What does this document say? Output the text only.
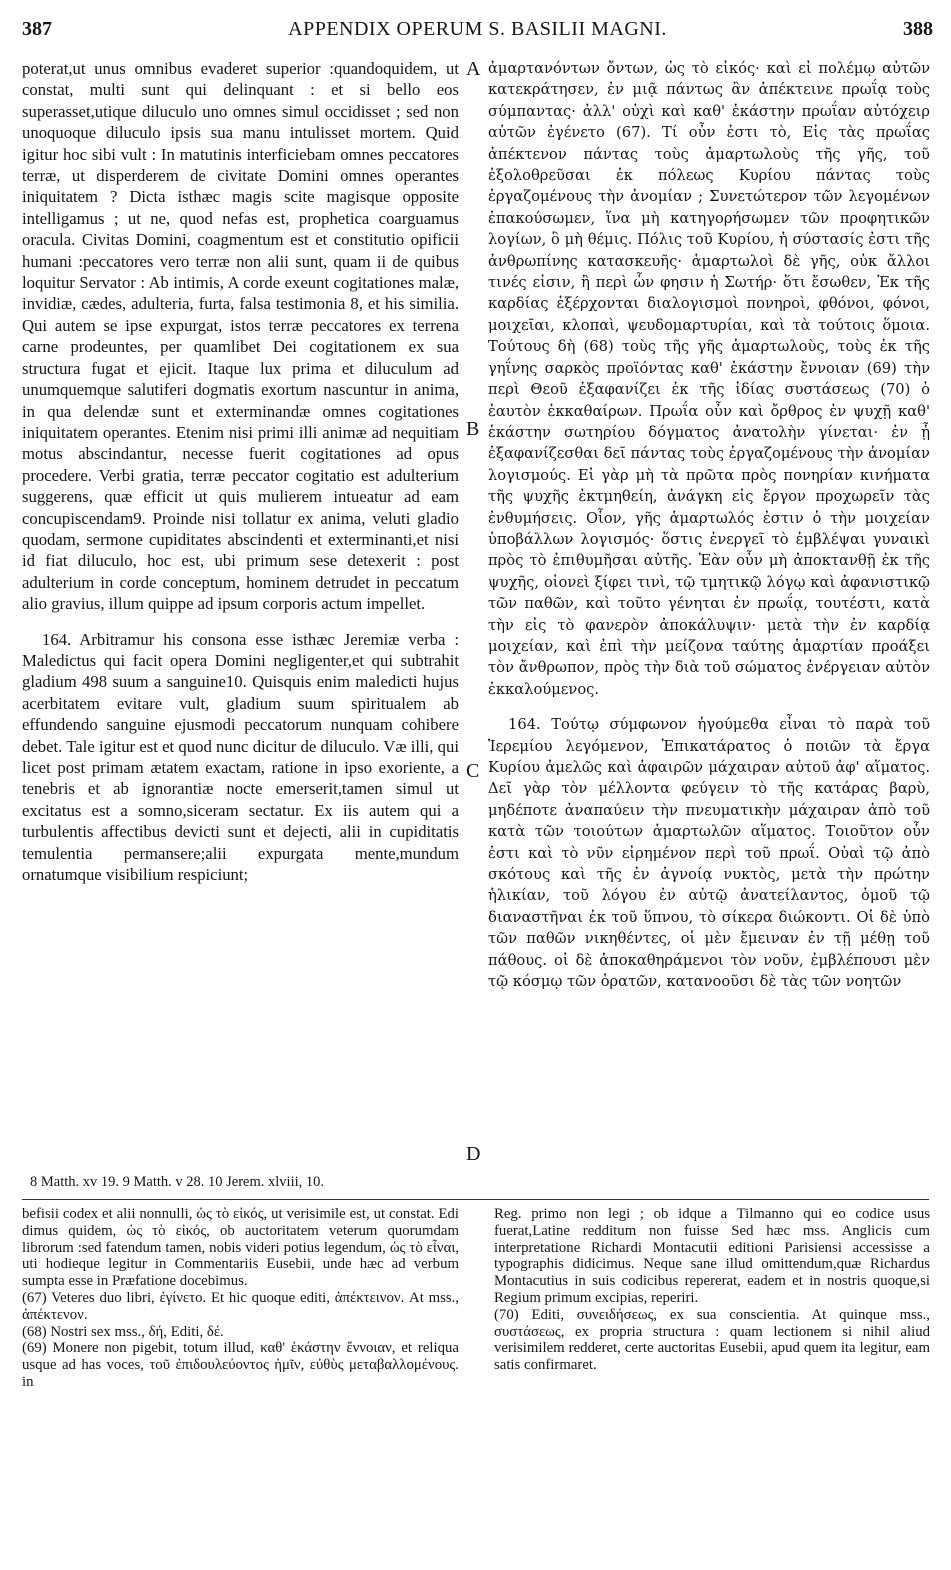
387	APPENDIX OPERUM S. BASILII MAGNI.	388

poterat,ut unus omnibus evaderet superior :quandoquidem, ut constat, multi sunt qui delinquant : et si bello eos superasset,utique diluculo uno omnes simul occidisset ; sed non unoquoque diluculo ipsis sua manu intulisset mortem. Quid igitur hoc sibi vult : In matutinis interficiebam omnes peccatores terræ, ut disperderem de civitate Domini omnes operantes iniquitatem ? Dicta isthæc magis scite magisque opposite intelligamus ; ut ne, quod nefas est, prophetica coarguamus oracula. Civitas Domini, coagmentum est et constitutio opificii humani :peccatores vero terræ non alii sunt, quam ii de quibus loquitur Servator : Ab intimis, A corde exeunt cogitationes malæ, invidiæ, cædes, adulteria, furta, falsa testimonia 8, et his similia. Qui autem se ipse expurgat, istos terræ peccatores ex terrena carne prodeuntes, per quamlibet Dei cogitationem ex sua structura fugat et ejicit. Itaque lux prima et diluculum ad unumquemque salutiferi dogmatis exortum nascuntur in anima, in qua delendæ sunt et exterminandæ omnes cogitationes iniquitatem operantes. Etenim nisi primi illi animæ ad nequitiam motus abscindantur, necesse fuerit cogitationes ad opus procedere. Verbi gratia, terræ peccator cogitatio est adulterium suggerens, quæ efficit ut quis mulierem intueatur ad eam concupiscendam9. Proinde nisi tollatur ex anima, veluti gladio quodam, sermone cupiditates abscindenti et exterminanti,et nisi id fiat diluculo, hoc est, ubi primum sese detexerit : post adulterium in corde conceptum, hominem detrudet in peccatum alio gravius, illum quippe ad ipsum corporis actum impellet.

164. Arbitramur his consona esse isthæc Jeremiæ verba : Maledictus qui facit opera Domini negligenter,et qui subtrahit gladium 498 suum a sanguine10. Quisquis enim maledicti hujus acerbitatem evitare vult, gladium suum spiritualem ab effundendo sanguine ejusmodi peccatorum nunquam cohibere debet. Tale igitur est et quod nunc dicitur de diluculo. Væ illi, qui licet post primam ætatem exactam, ratione in ipso exoriente, a tenebris et ab ignorantiæ nocte emerserit,tamen simul ut excitatus est a somno,siceram sectatur. Ex iis autem qui a turbulentis affectibus devicti sunt et dejecti, alii in cupiditatis temulentia permansere;alii expurgata mente,mundum ornatumque visibilium respiciunt;

ἁμαρτανόντων ὄντων, ὡς τὸ εἰκός· καὶ εἰ πολέμῳ αὐτῶν κατεκράτησεν, ἐν μιᾷ πάντως ἂν ἀπέκτεινε πρωΐᾳ τοὺς σύμπαντας· ἀλλ' οὐχὶ καὶ καθ' ἑκάστην πρωΐαν αὐτόχειρ αὐτῶν ἐγένετο (67). Τί οὖν ἐστι τὸ, Εἰς τὰς πρωΐας ἀπέκτενον πάντας τοὺς ἁμαρτωλοὺς τῆς γῆς, τοῦ ἐξολοθρεῦσαι ἐκ πόλεως Κυρίου πάντας τοὺς ἐργαζομένους τὴν ἀνομίαν ; Συνετώτερον τῶν λεγομένων ἐπακούσωμεν, ἵνα μὴ κατηγορήσωμεν τῶν προφητικῶν λογίων, ὃ μὴ θέμις. Πόλις τοῦ Κυρίου, ἡ σύστασίς ἐστι τῆς ἀνθρωπίνης κατασκευῆς· ἁμαρτωλοὶ δὲ γῆς, οὐκ ἄλλοι τινές εἰσιν, ἢ περὶ ὧν φησιν ἡ Σωτήρ· ὅτι ἔσωθεν, Ἐκ τῆς καρδίας ἐξέρχονται διαλογισμοὶ πονηροὶ, φθόνοι, φόνοι, μοιχεῖαι, κλοπαὶ, ψευδομαρτυρίαι, καὶ τὰ τούτοις ὅμοια. Τούτους δὴ (68) τοὺς τῆς γῆς ἁμαρτωλοὺς, τοὺς ἐκ τῆς γηΐνης σαρκὸς προϊόντας καθ' ἑκάστην ἔννοιαν (69) τὴν περὶ Θεοῦ ἐξαφανίζει ἐκ τῆς ἰδίας συστάσεως (70) ὁ ἑαυτὸν ἐκκαθαίρων. Πρωΐα οὖν καὶ ὄρθρος ἐν ψυχῇ καθ' ἑκάστην σωτηρίου δόγματος ἀνατολὴν γίνεται· ἐν ᾗ ἐξαφανίζεσθαι δεῖ πάντας τοὺς ἐργαζομένους τὴν ἀνομίαν λογισμούς. Εἰ γὰρ μὴ τὰ πρῶτα πρὸς πονηρίαν κινήματα τῆς ψυχῆς ἐκτμηθείη, ἀνάγκη εἰς ἔργον προχωρεῖν τὰς ἐνθυμήσεις. Οἷον, γῆς ἁμαρτωλός ἐστιν ὁ τὴν μοιχείαν ὑποβάλλων λογισμός· ὅστις ἐνεργεῖ τὸ ἐμβλέψαι γυναικὶ πρὸς τὸ ἐπιθυμῆσαι αὐτῆς. Ἐὰν οὖν μὴ ἀποκτανθῇ ἐκ τῆς ψυχῆς, οἱονεὶ ξίφει τινὶ, τῷ τμητικῷ λόγῳ καὶ ἀφανιστικῷ τῶν παθῶν, καὶ τοῦτο γένηται ἐν πρωΐᾳ, τουτέστι, κατὰ τὴν εἰς τὸ φανερὸν ἀποκάλυψιν· μετὰ τὴν ἐν καρδίᾳ μοιχείαν, καὶ ἐπὶ τὴν μείζονα ταύτης ἁμαρτίαν προάξει τὸν ἄνθρωπον, πρὸς τὴν διὰ τοῦ σώματος ἐνέργειαν αὐτὸν ἐκκαλούμενος.

164. Τούτῳ σύμφωνον ἡγούμεθα εἶναι τὸ παρὰ τοῦ Ἱερεμίου λεγόμενον, Ἐπικατάρατος ὁ ποιῶν τὰ ἔργα Κυρίου ἀμελῶς καὶ ἀφαιρῶν μάχαιραν αὐτοῦ ἀφ' αἵματος. Δεῖ γὰρ τὸν μέλλοντα φεύγειν τὸ τῆς κατάρας βαρὺ, μηδέποτε ἀναπαύειν τὴν πνευματικὴν μάχαιραν ἀπὸ τοῦ κατὰ τῶν τοιούτων ἁμαρτωλῶν αἵματος. Τοιοῦτον οὖν ἐστι καὶ τὸ νῦν εἰρημένον περὶ τοῦ πρωΐ. Οὐαὶ τῷ ἀπὸ σκότους καὶ τῆς ἐν ἀγνοίᾳ νυκτὸς, μετὰ τὴν πρώτην ἡλικίαν, τοῦ λόγου ἐν αὐτῷ ἀνατείλαντος, ὁμοῦ τῷ διαναστῆναι ἐκ τοῦ ὕπνου, τὸ σίκερα διώκοντι. Οἱ δὲ ὑπὸ τῶν παθῶν νικηθέντες, οἱ μὲν ἔμειναν ἐν τῇ μέθῃ τοῦ πάθους. οἱ δὲ ἀποκαθηράμενοι τὸν νοῦν, ἐμβλέπουσι μὲν τῷ κόσμῳ τῶν ὁρατῶν, κατανοοῦσι δὲ τὰς τῶν νοητῶν

A
B
C
D
8 Matth. xv 19. 9 Matth. v 28. 10 Jerem. xlviii, 10.

befisii codex et alii nonnulli, ὡς τὸ εἰκός, ut verisimile est, ut constat. Edi dimus quidem, ὡς τὸ εἰκός, ob auctoritatem veterum quorumdam librorum :sed fatendum tamen, nobis videri potius legendum, ὡς τὸ εἶναι, uti hodieque legitur in Commentariis Eusebii, unde hæc ad verbum sumpta esse in Præfatione docebimus.

(67) Veteres duo libri, ἐγίνετο. Et hic quoque editi, ἀπέκτεινον. At mss., ἀπέκτενον.

(68) Nostri sex mss., δή, Editi, δέ.

(69) Monere non pigebit, totum illud, καθ' ἑκάστην ἔννοιαν, et reliqua usque ad has voces, τοῦ ἐπιδουλεύοντος ἡμῖν, εὐθὺς μεταβαλλομένους. in

Reg. primo non legi ; ob idque a Tilmanno qui eo codice usus fuerat,Latine redditum non fuisse Sed hæc mss. Anglicis cum interpretatione Richardi Montacutii editioni Parisiensi accessisse a typographis didicimus. Neque sane illud omittendum,quæ Richardus Montacutius in suis codicibus repererat, eadem et in nostris quoque,si Regium primum excipias, reperiri.

(70) Editi, συνειδήσεως, ex sua conscientia. At quinque mss., συστάσεως, ex propria structura : quam lectionem si nihil aliud verisimilem redderet, certe auctoritas Eusebii, apud quem ita legitur, eam satis confirmaret.
